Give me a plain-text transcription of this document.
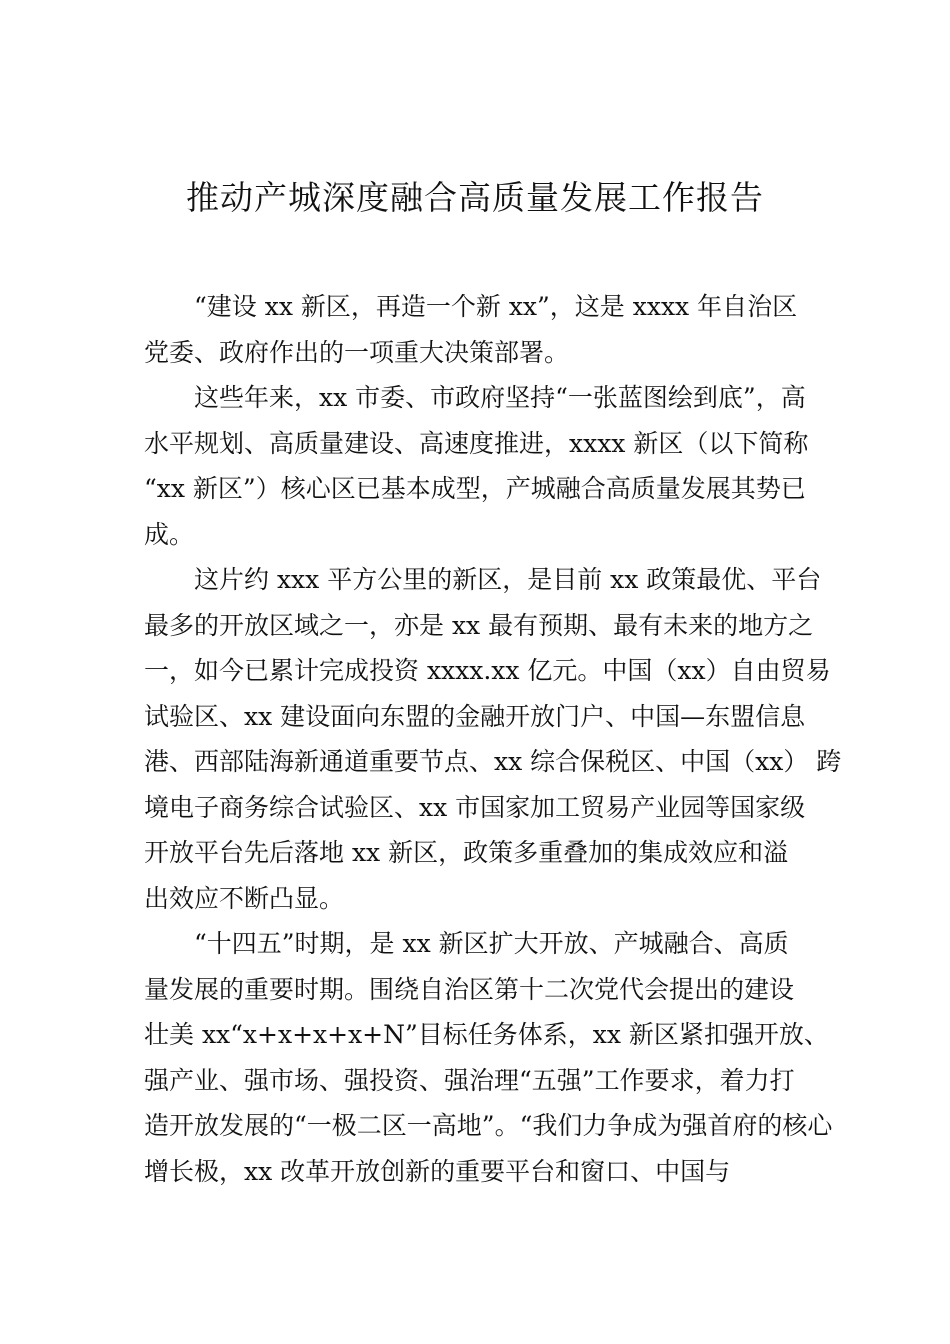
推动产城深度融合高质量发展工作报告

“建设 xx 新区，再造一个新 xx”，这是 xxxx 年自治区
党委、政府作出的一项重大决策部署。

这些年来，xx 市委、市政府坚持“一张蓝图绘到底”，高
水平规划、高质量建设、高速度推进，xxxx 新区（以下简称
“xx 新区”）核心区已基本成型，产城融合高质量发展其势已
成。

这片约 xxx 平方公里的新区，是目前 xx 政策最优、平台
最多的开放区域之一，亦是 xx 最有预期、最有未来的地方之
一，如今已累计完成投资 xxxx.xx 亿元。中国（xx）自由贸易
试验区、xx 建设面向东盟的金融开放门户、中国—东盟信息
港、西部陆海新通道重要节点、xx 综合保税区、中国（xx） 跨
境电子商务综合试验区、xx 市国家加工贸易产业园等国家级
开放平台先后落地 xx 新区，政策多重叠加的集成效应和溢
出效应不断凸显。

“十四五”时期，是 xx 新区扩大开放、产城融合、高质
量发展的重要时期。围绕自治区第十二次党代会提出的建设
壮美 xx“x+x+x+x+N”目标任务体系，xx 新区紧扣强开放、
强产业、强市场、强投资、强治理“五强”工作要求，着力打
造开放发展的“一极二区一高地”。“我们力争成为强首府的核心
增长极，xx 改革开放创新的重要平台和窗口、中国与
